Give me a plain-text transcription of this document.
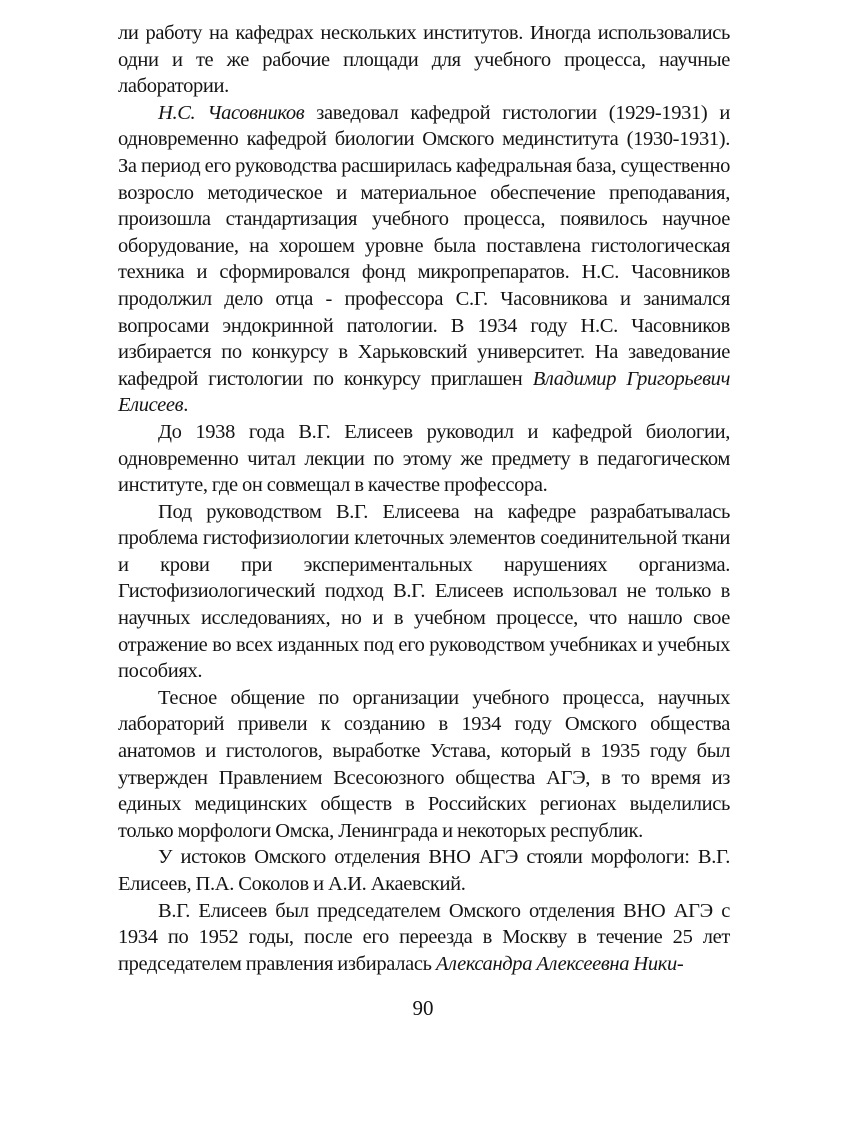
ли работу на кафедрах нескольких институтов. Иногда использовались одни и те же рабочие площади для учебного процесса, научные лаборатории.

Н.С. Часовников заведовал кафедрой гистологии (1929-1931) и одновременно кафедрой биологии Омского мединститута (1930-1931). За период его руководства расширилась кафедральная база, существенно возросло методическое и материальное обеспечение преподавания, произошла стандартизация учебного процесса, появилось научное оборудование, на хорошем уровне была поставлена гистологическая техника и сформировался фонд микропрепаратов. Н.С. Часовников продолжил дело отца - профессора С.Г. Часовникова и занимался вопросами эндокринной патологии. В 1934 году Н.С. Часовников избирается по конкурсу в Харьковский университет. На заведование кафедрой гистологии по конкурсу приглашен Владимир Григорьевич Елисеев.

До 1938 года В.Г. Елисеев руководил и кафедрой биологии, одновременно читал лекции по этому же предмету в педагогическом институте, где он совмещал в качестве профессора.

Под руководством В.Г. Елисеева на кафедре разрабатывалась проблема гистофизиологии клеточных элементов соединительной ткани и крови при экспериментальных нарушениях организма. Гистофизиологический подход В.Г. Елисеев использовал не только в научных исследованиях, но и в учебном процессе, что нашло свое отражение во всех изданных под его руководством учебниках и учебных пособиях.

Тесное общение по организации учебного процесса, научных лабораторий привели к созданию в 1934 году Омского общества анатомов и гистологов, выработке Устава, который в 1935 году был утвержден Правлением Всесоюзного общества АГЭ, в то время из единых медицинских обществ в Российских регионах выделились только морфологи Омска, Ленинграда и некоторых республик.

У истоков Омского отделения ВНО АГЭ стояли морфологи: В.Г. Елисеев, П.А. Соколов и А.И. Акаевский.

В.Г. Елисеев был председателем Омского отделения ВНО АГЭ с 1934 по 1952 годы, после его переезда в Москву в течение 25 лет председателем правления избиралась Александра Алексеевна Ники-

90
